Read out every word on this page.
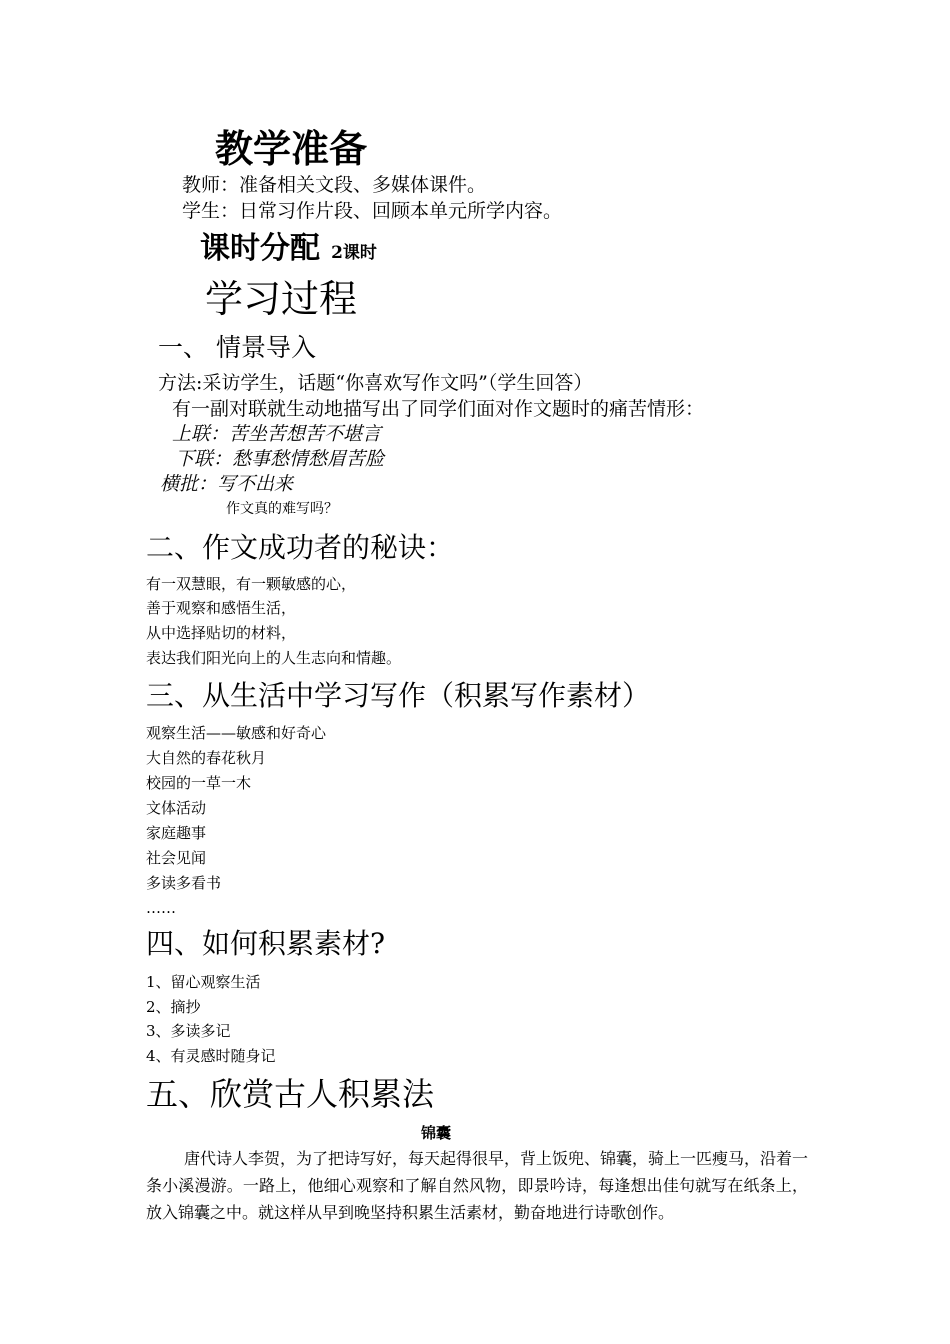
教学准备
教师：准备相关文段、多媒体课件。
学生：日常习作片段、回顾本单元所学内容。
课时分配 2课时
学习过程
一、 情景导入
方法:采访学生，话题“你喜欢写作文吗”（学生回答）
有一副对联就生动地描写出了同学们面对作文题时的痛苦情形：
上联：苦坐苦想苦不堪言
下联：愁事愁情愁眉苦脸
横批：写不出来
作文真的难写吗？
二、作文成功者的秘诀：
有一双慧眼，有一颗敏感的心，
善于观察和感悟生活，
从中选择贴切的材料，
表达我们阳光向上的人生志向和情趣。
三、从生活中学习写作（积累写作素材）
观察生活——敏感和好奇心
大自然的春花秋月
校园的一草一木
文体活动
家庭趣事
社会见闻
多读多看书
……
四、如何积累素材?
1、留心观察生活
2、摘抄
3、多读多记
4、有灵感时随身记
五、欣赏古人积累法
锦囊
唐代诗人李贺，为了把诗写好，每天起得很早，背上饭兜、锦囊，骑上一匹瘦马，沿着一条小溪漫游。一路上，他细心观察和了解自然风物，即景吟诗，每逢想出佳句就写在纸条上，放入锦囊之中。就这样从早到晚坚持积累生活素材，勤奋地进行诗歌创作。
